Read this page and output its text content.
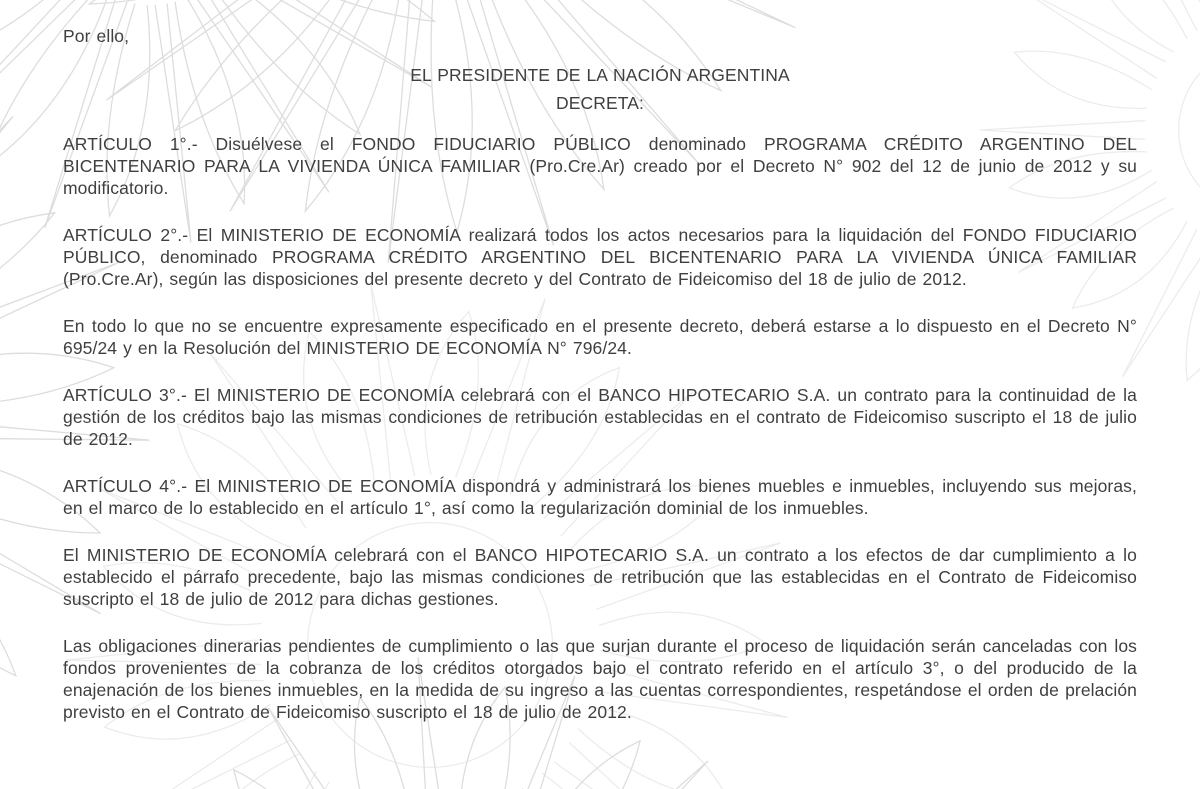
Por ello,

EL PRESIDENTE DE LA NACIÓN ARGENTINA

DECRETA:

ARTÍCULO 1°.- Disuélvese el FONDO FIDUCIARIO PÚBLICO denominado PROGRAMA CRÉDITO ARGENTINO DEL BICENTENARIO PARA LA VIVIENDA ÚNICA FAMILIAR (Pro.Cre.Ar) creado por el Decreto N° 902 del 12 de junio de 2012 y su modificatorio.

ARTÍCULO 2°.- El MINISTERIO DE ECONOMÍA realizará todos los actos necesarios para la liquidación del FONDO FIDUCIARIO PÚBLICO, denominado PROGRAMA CRÉDITO ARGENTINO DEL BICENTENARIO PARA LA VIVIENDA ÚNICA FAMILIAR (Pro.Cre.Ar), según las disposiciones del presente decreto y del Contrato de Fideicomiso del 18 de julio de 2012.

En todo lo que no se encuentre expresamente especificado en el presente decreto, deberá estarse a lo dispuesto en el Decreto N° 695/24 y en la Resolución del MINISTERIO DE ECONOMÍA N° 796/24.

ARTÍCULO 3°.- El MINISTERIO DE ECONOMÍA celebrará con el BANCO HIPOTECARIO S.A. un contrato para la continuidad de la gestión de los créditos bajo las mismas condiciones de retribución establecidas en el contrato de Fideicomiso suscripto el 18 de julio de 2012.

ARTÍCULO 4°.- El MINISTERIO DE ECONOMÍA dispondrá y administrará los bienes muebles e inmuebles, incluyendo sus mejoras, en el marco de lo establecido en el artículo 1°, así como la regularización dominial de los inmuebles.

El MINISTERIO DE ECONOMÍA celebrará con el BANCO HIPOTECARIO S.A. un contrato a los efectos de dar cumplimiento a lo establecido el párrafo precedente, bajo las mismas condiciones de retribución que las establecidas en el Contrato de Fideicomiso suscripto el 18 de julio de 2012 para dichas gestiones.

Las obligaciones dinerarias pendientes de cumplimiento o las que surjan durante el proceso de liquidación serán canceladas con los fondos provenientes de la cobranza de los créditos otorgados bajo el contrato referido en el artículo 3°, o del producido de la enajenación de los bienes inmuebles, en la medida de su ingreso a las cuentas correspondientes, respetándose el orden de prelación previsto en el Contrato de Fideicomiso suscripto el 18 de julio de 2012.
